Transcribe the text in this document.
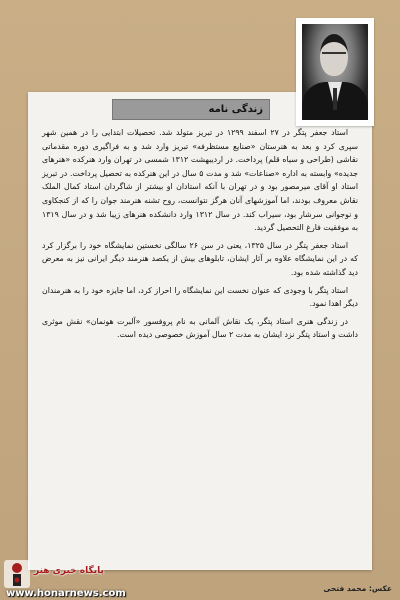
زندگی نامه

استاد جعفر پتگر در ۲۷ اسفند ۱۲۹۹ در تبریز متولد شد. تحصیلات ابتدایی را در همین شهر سپری کرد و بعد به هنرستان «صنایع مستظرفه» تبریز وارد شد و به فراگیری دوره مقدماتی نقاشی (طراحی و سیاه قلم) پرداخت. در اردیبهشت ۱۳۱۲ شمسی در تهران وارد هنرکده «هنرهای جدیده» وابسته به اداره «صناعات» شد و مدت ۵ سال در این هنرکده به تحصیل پرداخت. در تبریز استاد او آقای میرمصور بود و در تهران با آنکه استادان او بیشتر از شاگردان استاد کمال الملک نقاش معروف بودند، اما آموزشهای آنان هرگز نتوانست، روح تشنه هنرمند جوان را که از کنجکاوی و نوجوانی سرشار بود، سیراب کند. در سال ۱۳۱۲ وارد دانشکده هنرهای زیبا شد و در سال ۱۳۱۹ به موفقیت فارغ التحصیل گردید.

استاد جعفر پتگر در سال ۱۳۲۵، یعنی در سن ۲۶ سالگی نخستین نمایشگاه خود را برگزار کرد که در این نمایشگاه علاوه بر آثار ایشان، تابلوهای بیش از یکصد هنرمند دیگر ایرانی نیز به معرض دید گذاشته شده بود.

استاد پتگر با وجودی که عنوان نخست این نمایشگاه را احراز کرد، اما جایزه خود را به هنرمندان دیگر اهدا نمود.

در زندگی هنری استاد پتگر، یک نقاش آلمانی به نام پروفسور «آلبرت هونمان» نقش موثری داشت و استاد پتگر نزد ایشان به مدت ۲ سال آموزش خصوصی دیده است.

پایگاه خبری هنر
www.honarnews.com	عکس: محمد فتحی
